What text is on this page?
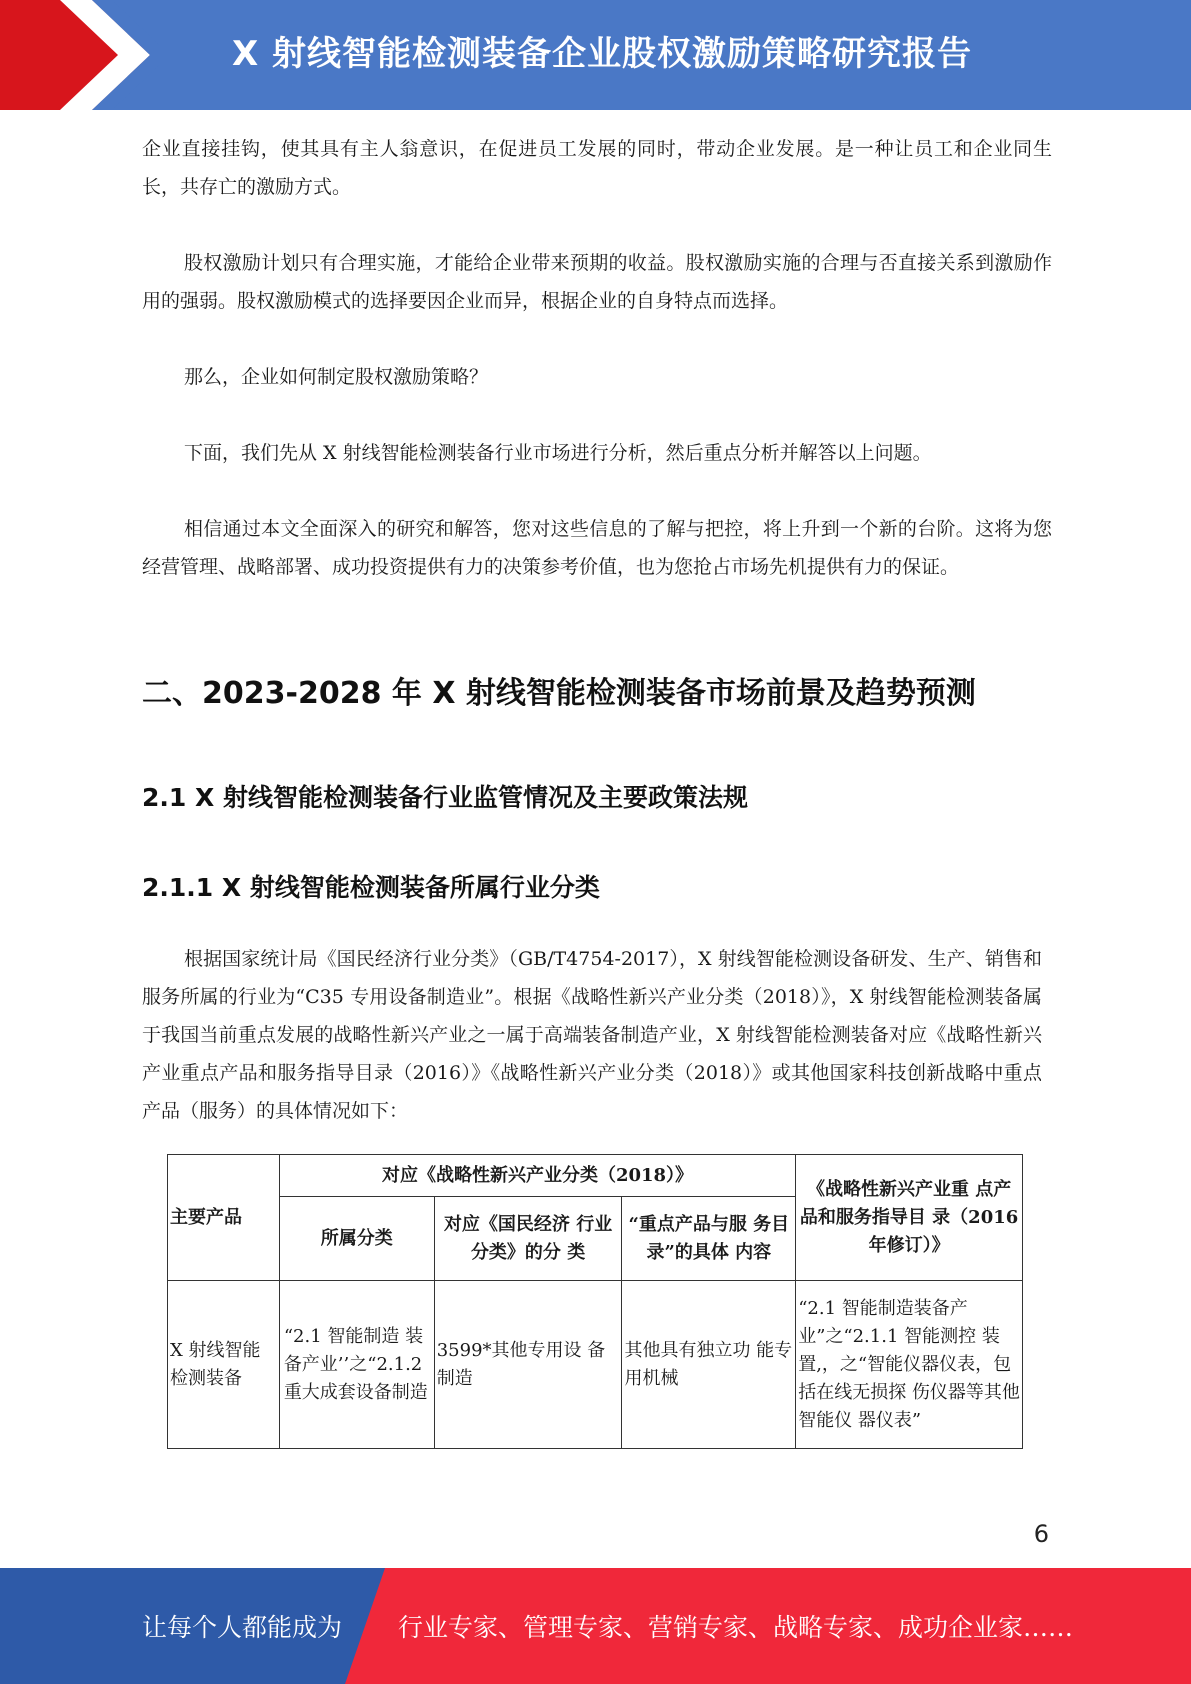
X 射线智能检测装备企业股权激励策略研究报告

企业直接挂钩，使其具有主人翁意识，在促进员工发展的同时，带动企业发展。是一种让员工和企业同生长，共存亡的激励方式。

股权激励计划只有合理实施，才能给企业带来预期的收益。股权激励实施的合理与否直接关系到激励作用的强弱。股权激励模式的选择要因企业而异，根据企业的自身特点而选择。

那么，企业如何制定股权激励策略？

下面，我们先从 X 射线智能检测装备行业市场进行分析，然后重点分析并解答以上问题。

相信通过本文全面深入的研究和解答，您对这些信息的了解与把控，将上升到一个新的台阶。这将为您经营管理、战略部署、成功投资提供有力的决策参考价值，也为您抢占市场先机提供有力的保证。

二、2023-2028 年 X 射线智能检测装备市场前景及趋势预测
2.1 X 射线智能检测装备行业监管情况及主要政策法规
2.1.1 X 射线智能检测装备所属行业分类

根据国家统计局《国民经济行业分类》（GB/T4754-2017），X 射线智能检测设备研发、生产、销售和服务所属的行业为“C35 专用设备制造业”。根据《战略性新兴产业分类（2018）》，X 射线智能检测装备属于我国当前重点发展的战略性新兴产业之一属于高端装备制造产业，X 射线智能检测装备对应《战略性新兴产业重点产品和服务指导目录（2016）》《战略性新兴产业分类（2018）》或其他国家科技创新战略中重点产品（服务）的具体情况如下：

主要产品	对应《战略性新兴产业分类（2018）》			《战略性新兴产业重 点产品和服务指导目 录（2016 年修订）》
	所属分类	对应《国民经济 行业分类》的分 类	“重点产品与服 务目录”的具体 内容	
X 射线智能检测装备	“2.1 智能制造 装备产业’’之“2.1.2 重大成套设备制造	3599*其他专用设 备制造	其他具有独立功 能专用机械	“2.1 智能制造装备产 业”之“2.1.1 智能测控 装置,，之“智能仪器仪表，包括在线无损探 伤仪器等其他智能仪 器仪表”
6
让每个人都能成为 行业专家、管理专家、营销专家、战略专家、成功企业家……
